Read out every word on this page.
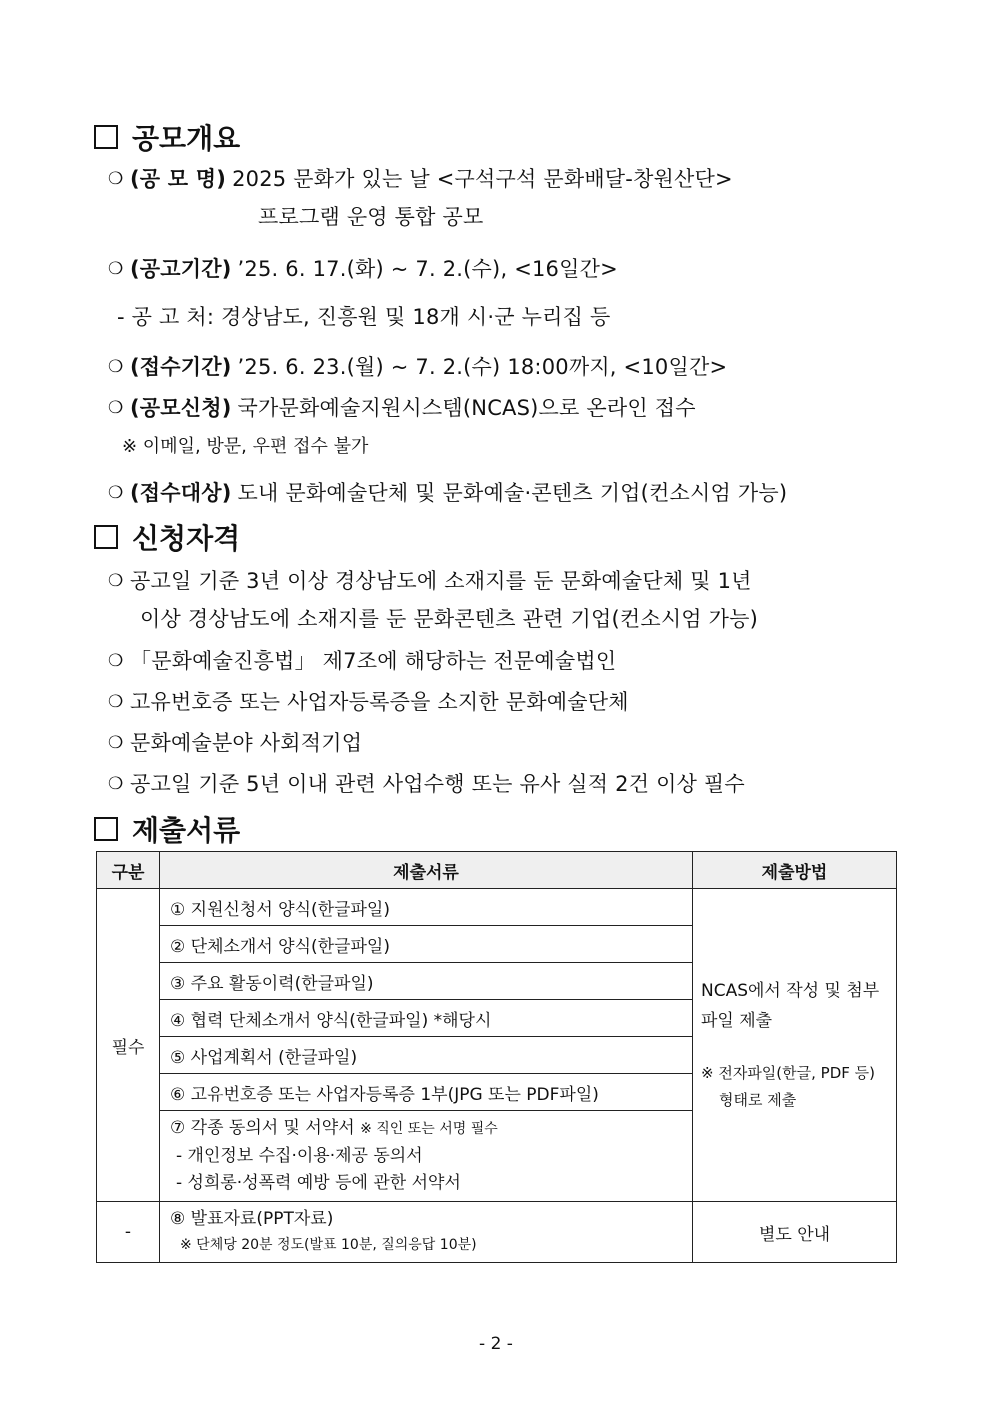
공모개요
❍ (공 모 명) 2025 문화가 있는 날 <구석구석 문화배달-창원산단>
프로그램 운영 통합 공모
❍ (공고기간) ’25. 6. 17.(화) ~ 7. 2.(수), <16일간>
- 공 고 처: 경상남도, 진흥원 및 18개 시·군 누리집 등
❍ (접수기간) ’25. 6. 23.(월) ~ 7. 2.(수) 18:00까지, <10일간>
❍ (공모신청) 국가문화예술지원시스템(NCAS)으로 온라인 접수
※ 이메일, 방문, 우편 접수 불가
❍ (접수대상) 도내 문화예술단체 및 문화예술·콘텐츠 기업(컨소시엄 가능)
신청자격
❍ 공고일 기준 3년 이상 경상남도에 소재지를 둔 문화예술단체 및 1년
이상 경상남도에 소재지를 둔 문화콘텐츠 관련 기업(컨소시엄 가능)
❍ 「문화예술진흥법」 제7조에 해당하는 전문예술법인
❍ 고유번호증 또는 사업자등록증을 소지한 문화예술단체
❍ 문화예술분야 사회적기업
❍ 공고일 기준 5년 이내 관련 사업수행 또는 유사 실적 2건 이상 필수
제출서류
구분	제출서류	제출방법
필수	① 지원신청서 양식(한글파일)	NCAS에서 작성 및 첨부
파일 제출
※ 전자파일(한글, PDF 등)
형태로 제출

	② 단체소개서 양식(한글파일)	
	③ 주요 활동이력(한글파일)	
	④ 협력 단체소개서 양식(한글파일) *해당시	
	⑤ 사업계획서 (한글파일)	
	⑥ 고유번호증 또는 사업자등록증 1부(JPG 또는 PDF파일)	

	⑦ 각종 동의서 및 서약서 ※ 직인 또는 서명 필수
- 개인정보 수집·이용·제공 동의서
- 성희롱·성폭력 예방 등에 관한 서약서	

-	⑧ 발표자료(PPT자료)
※ 단체당 20분 정도(발표 10분, 질의응답 10분)	별도 안내
- 2 -
